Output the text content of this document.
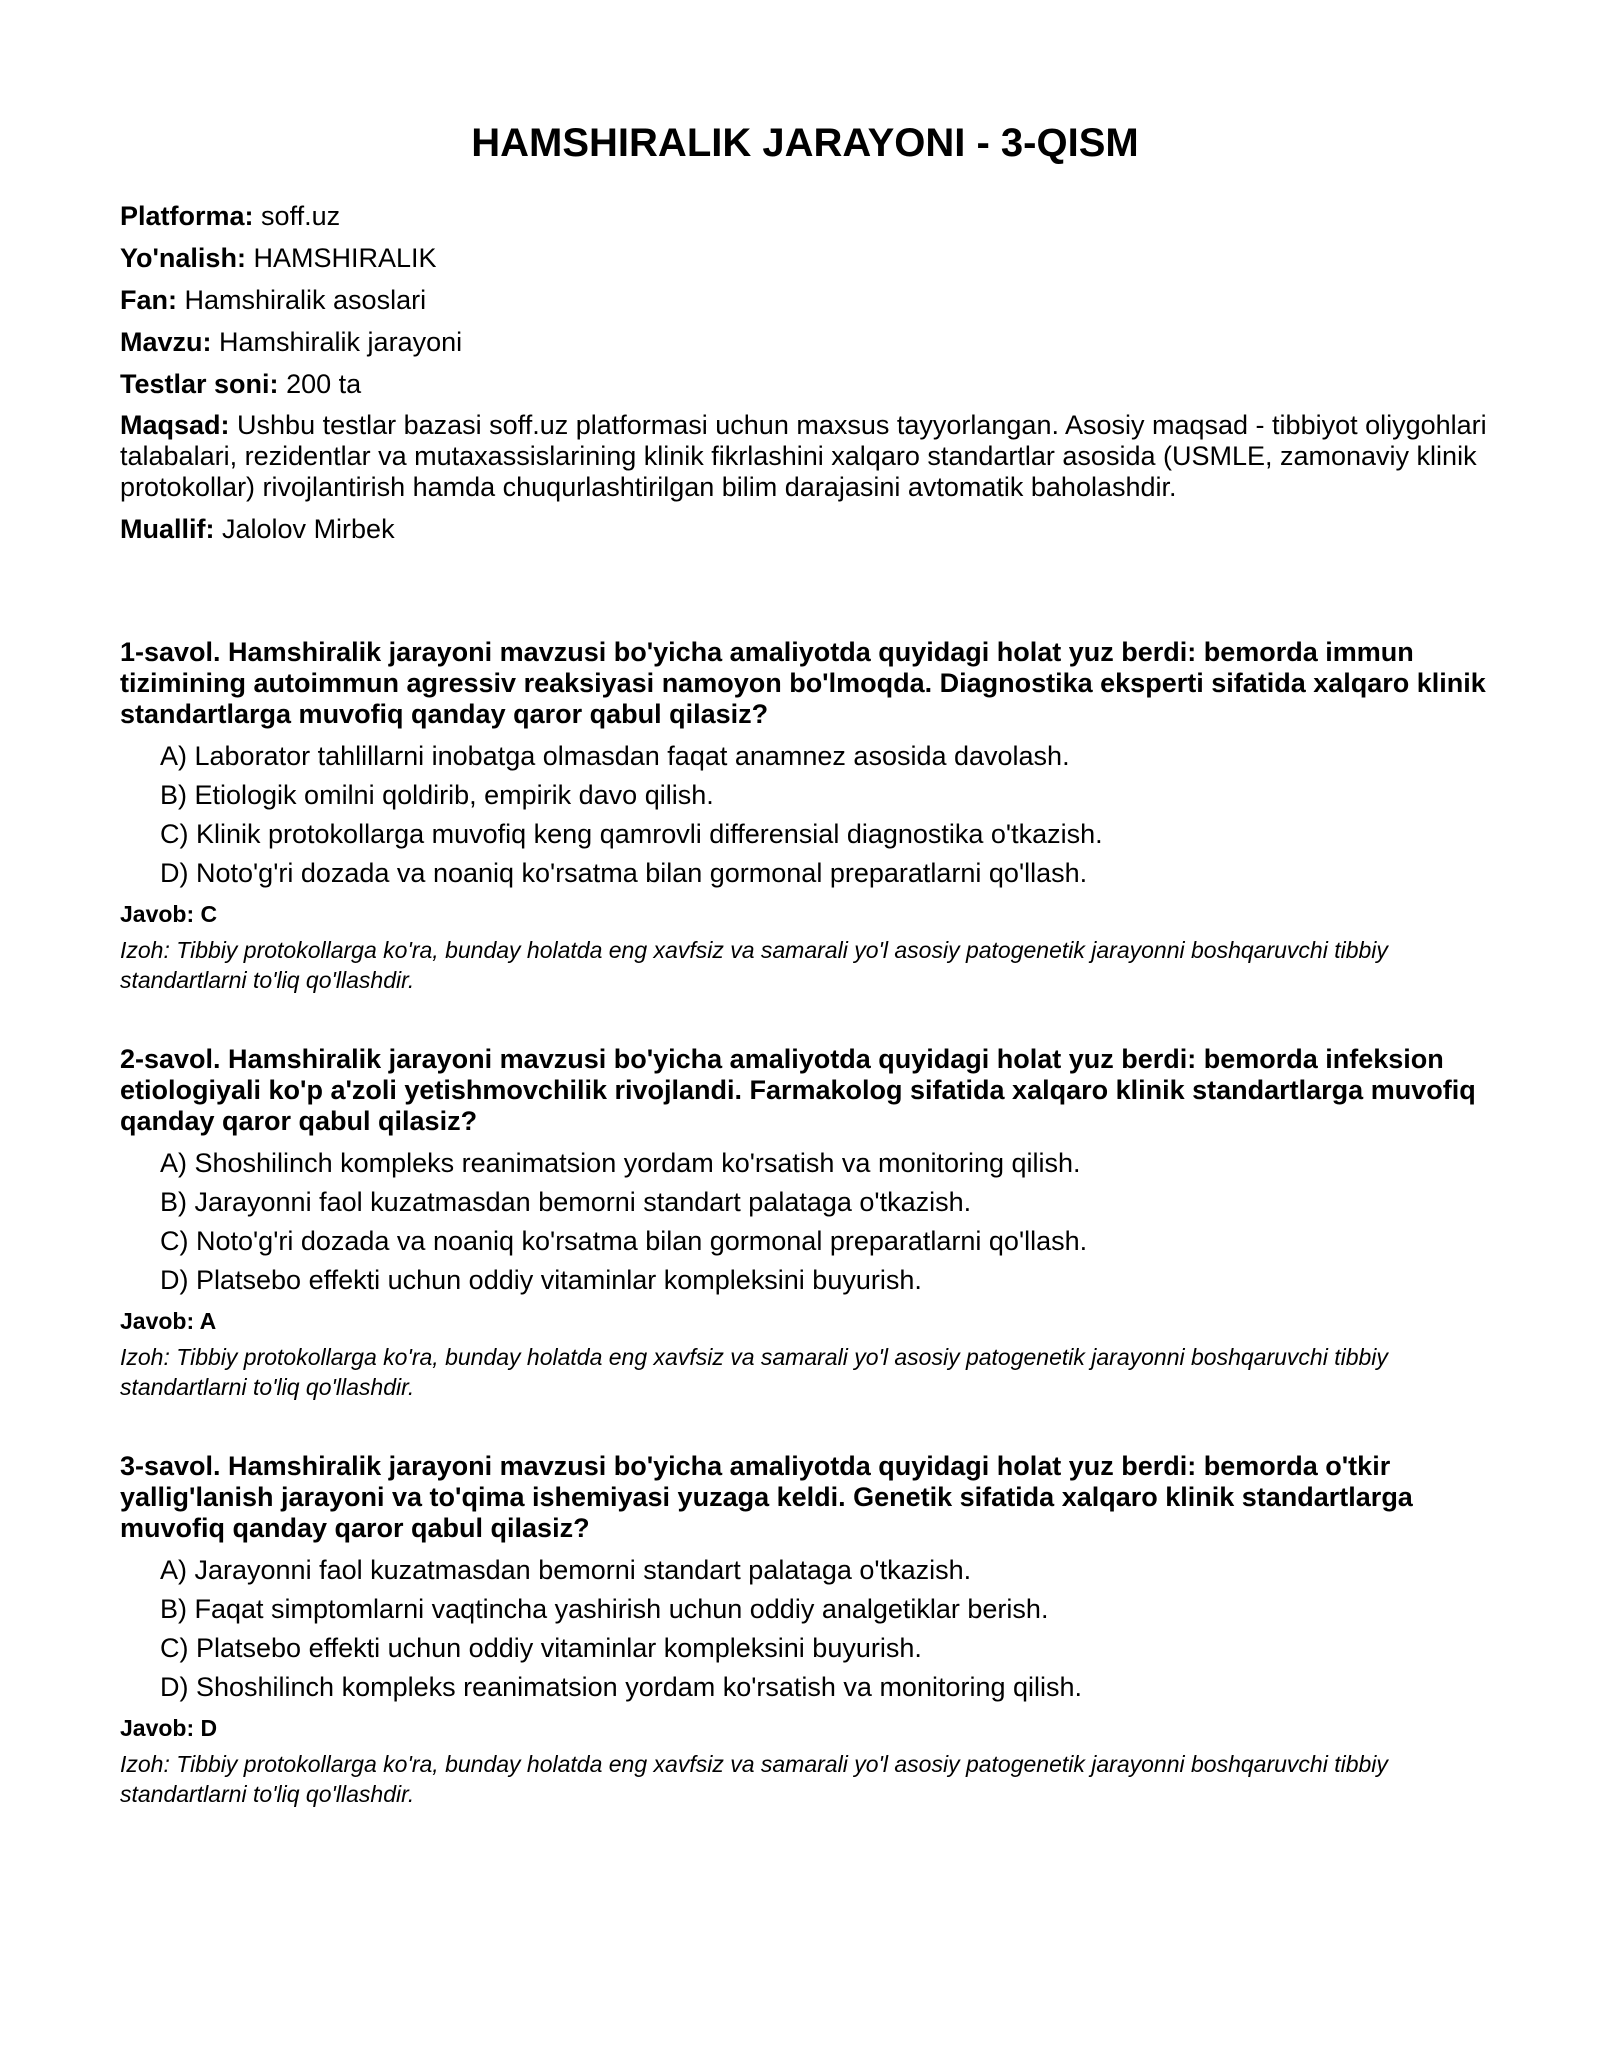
HAMSHIRALIK JARAYONI - 3-QISM
Platforma: soff.uz
Yo'nalish: HAMSHIRALIK
Fan: Hamshiralik asoslari
Mavzu: Hamshiralik jarayoni
Testlar soni: 200 ta
Maqsad: Ushbu testlar bazasi soff.uz platformasi uchun maxsus tayyorlangan. Asosiy maqsad - tibbiyot oliygohlari talabalari, rezidentlar va mutaxassislarining klinik fikrlashini xalqaro standartlar asosida (USMLE, zamonaviy klinik protokollar) rivojlantirish hamda chuqurlashtirilgan bilim darajasini avtomatik baholashdir.
Muallif: Jalolov Mirbek
1-savol. Hamshiralik jarayoni mavzusi bo'yicha amaliyotda quyidagi holat yuz berdi: bemorda immun tizimining autoimmun agressiv reaksiyasi namoyon bo'lmoqda. Diagnostika eksperti sifatida xalqaro klinik standartlarga muvofiq qanday qaror qabul qilasiz?
A) Laborator tahlillarni inobatga olmasdan faqat anamnez asosida davolash.
B) Etiologik omilni qoldirib, empirik davo qilish.
C) Klinik protokollarga muvofiq keng qamrovli differensial diagnostika o'tkazish.
D) Noto'g'ri dozada va noaniq ko'rsatma bilan gormonal preparatlarni qo'llash.
Javob: C
Izoh: Tibbiy protokollarga ko'ra, bunday holatda eng xavfsiz va samarali yo'l asosiy patogenetik jarayonni boshqaruvchi tibbiy standartlarni to'liq qo'llashdir.
2-savol. Hamshiralik jarayoni mavzusi bo'yicha amaliyotda quyidagi holat yuz berdi: bemorda infeksion etiologiyali ko'p a'zoli yetishmovchilik rivojlandi. Farmakolog sifatida xalqaro klinik standartlarga muvofiq qanday qaror qabul qilasiz?
A) Shoshilinch kompleks reanimatsion yordam ko'rsatish va monitoring qilish.
B) Jarayonni faol kuzatmasdan bemorni standart palataga o'tkazish.
C) Noto'g'ri dozada va noaniq ko'rsatma bilan gormonal preparatlarni qo'llash.
D) Platsebo effekti uchun oddiy vitaminlar kompleksini buyurish.
Javob: A
Izoh: Tibbiy protokollarga ko'ra, bunday holatda eng xavfsiz va samarali yo'l asosiy patogenetik jarayonni boshqaruvchi tibbiy standartlarni to'liq qo'llashdir.
3-savol. Hamshiralik jarayoni mavzusi bo'yicha amaliyotda quyidagi holat yuz berdi: bemorda o'tkir yallig'lanish jarayoni va to'qima ishemiyasi yuzaga keldi. Genetik sifatida xalqaro klinik standartlarga muvofiq qanday qaror qabul qilasiz?
A) Jarayonni faol kuzatmasdan bemorni standart palataga o'tkazish.
B) Faqat simptomlarni vaqtincha yashirish uchun oddiy analgetiklar berish.
C) Platsebo effekti uchun oddiy vitaminlar kompleksini buyurish.
D) Shoshilinch kompleks reanimatsion yordam ko'rsatish va monitoring qilish.
Javob: D
Izoh: Tibbiy protokollarga ko'ra, bunday holatda eng xavfsiz va samarali yo'l asosiy patogenetik jarayonni boshqaruvchi tibbiy standartlarni to'liq qo'llashdir.
